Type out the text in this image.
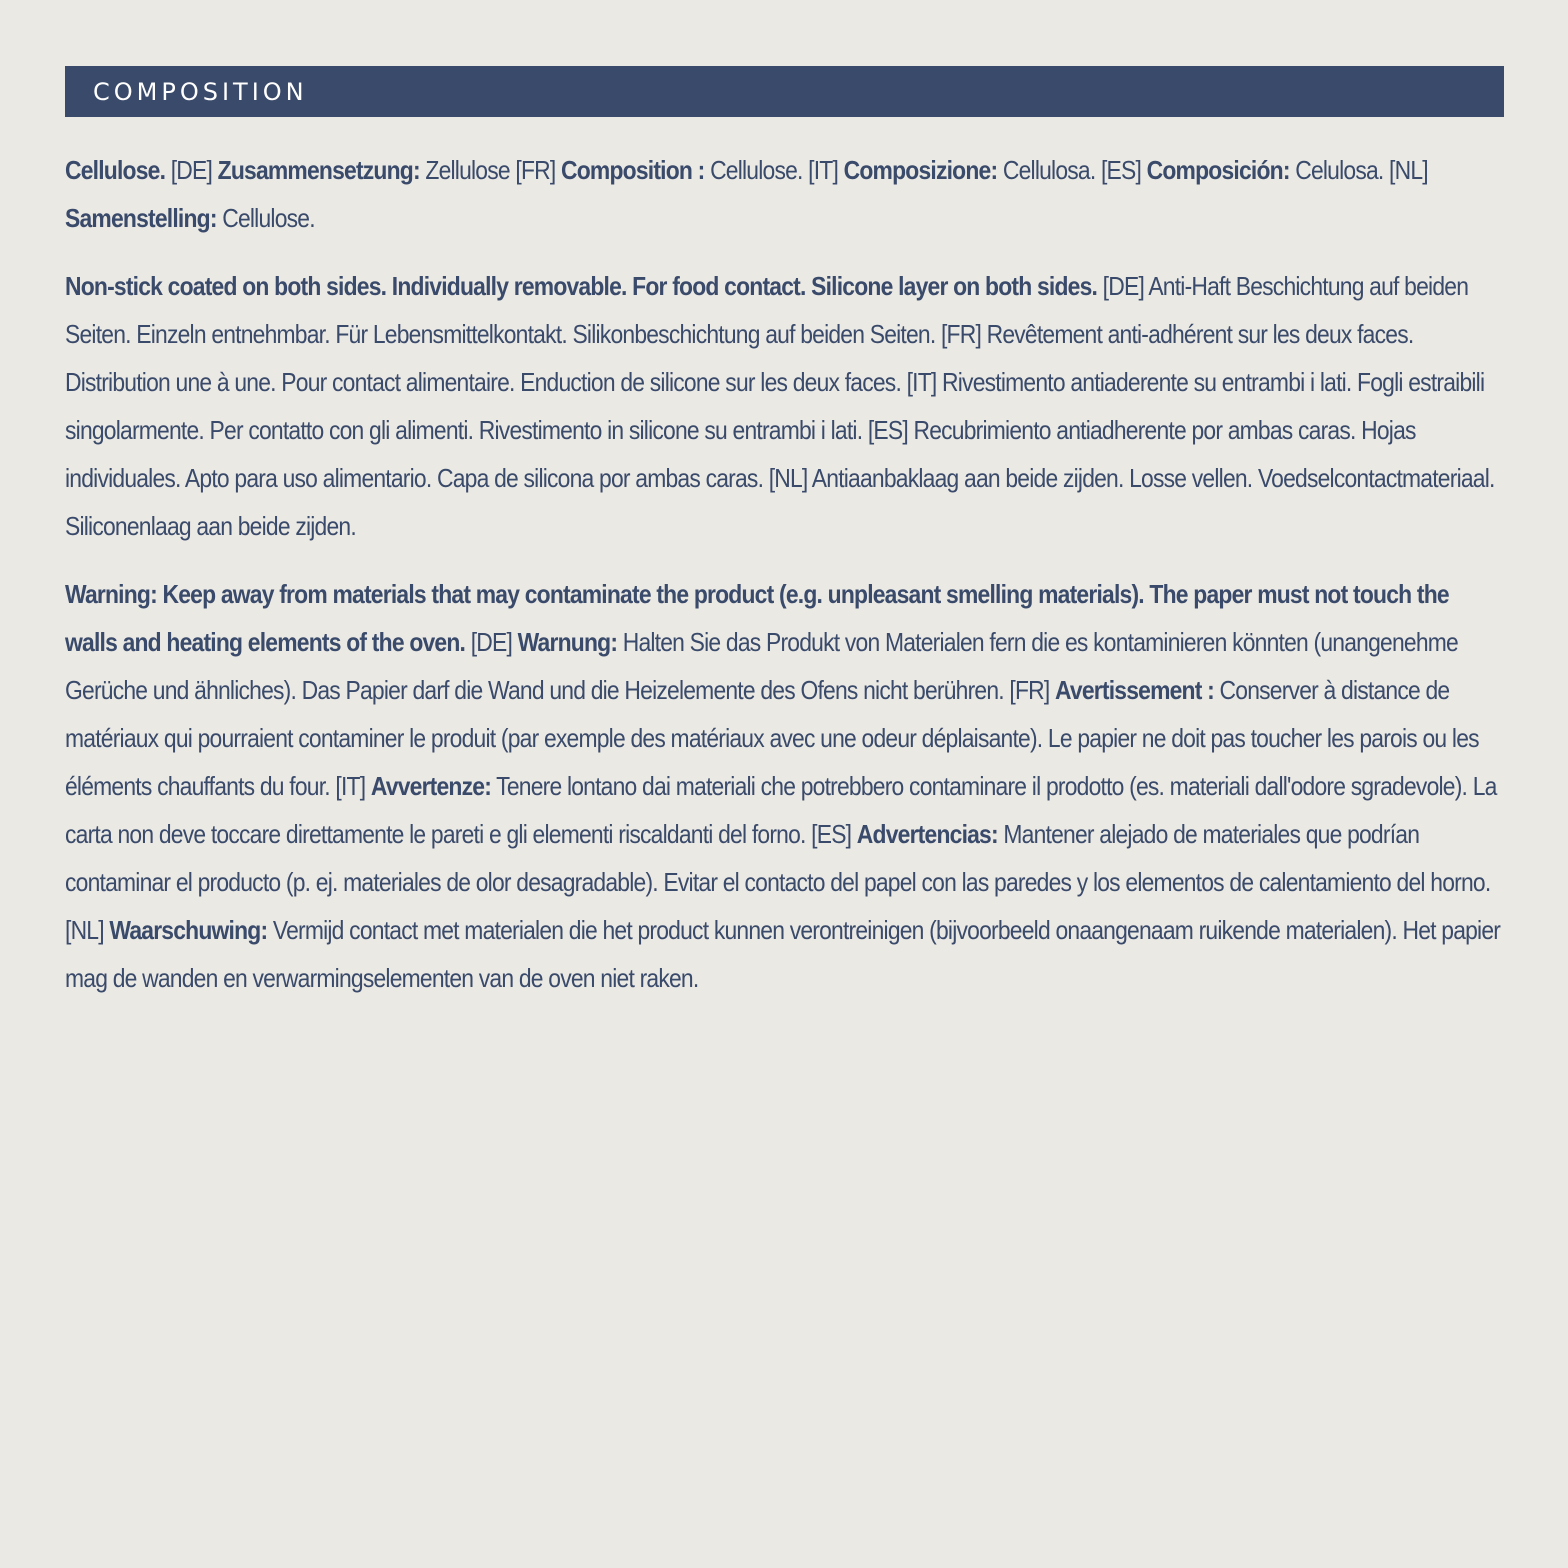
COMPOSITION

Cellulose. [DE] Zusammensetzung: Zellulose [FR] Composition : Cellulose. [IT] Composizione: Cellulosa. [ES] Composición: Celulosa. [NL] Samenstelling: Cellulose.

Non-stick coated on both sides. Individually removable. For food contact. Silicone layer on both sides. [DE] Anti-Haft Beschichtung auf beiden Seiten. Einzeln entnehmbar. Für Lebensmittelkontakt. Silikonbeschichtung auf beiden Seiten. [FR] Revêtement anti-adhérent sur les deux faces. Distribution une à une. Pour contact alimentaire. Enduction de silicone sur les deux faces. [IT] Rivestimento antiaderente su entrambi i lati. Fogli estraibili singolarmente. Per contatto con gli alimenti. Rivestimento in silicone su entrambi i lati. [ES] Recubrimiento antiadherente por ambas caras. Hojas individuales. Apto para uso alimentario. Capa de silicona por ambas caras. [NL] Antiaanbaklaag aan beide zijden. Losse vellen. Voedselcontactmateriaal. Siliconenlaag aan beide zijden.

Warning: Keep away from materials that may contaminate the product (e.g. unpleasant smelling materials). The paper must not touch the walls and heating elements of the oven. [DE] Warnung: Halten Sie das Produkt von Materialen fern die es kontaminieren könnten (unangenehme Gerüche und ähnliches). Das Papier darf die Wand und die Heizelemente des Ofens nicht berühren. [FR] Avertissement : Conserver à distance de matériaux qui pourraient contaminer le produit (par exemple des matériaux avec une odeur déplaisante). Le papier ne doit pas toucher les parois ou les éléments chauffants du four. [IT] Avvertenze: Tenere lontano dai materiali che potrebbero contaminare il prodotto (es. materiali dall'odore sgradevole). La carta non deve toccare direttamente le pareti e gli elementi riscaldanti del forno. [ES] Advertencias: Mantener alejado de materiales que podrían contaminar el producto (p. ej. materiales de olor desagradable). Evitar el contacto del papel con las paredes y los elementos de calentamiento del horno. [NL] Waarschuwing: Vermijd contact met materialen die het product kunnen verontreinigen (bijvoorbeeld onaangenaam ruikende materialen). Het papier mag de wanden en verwarmingselementen van de oven niet raken.
